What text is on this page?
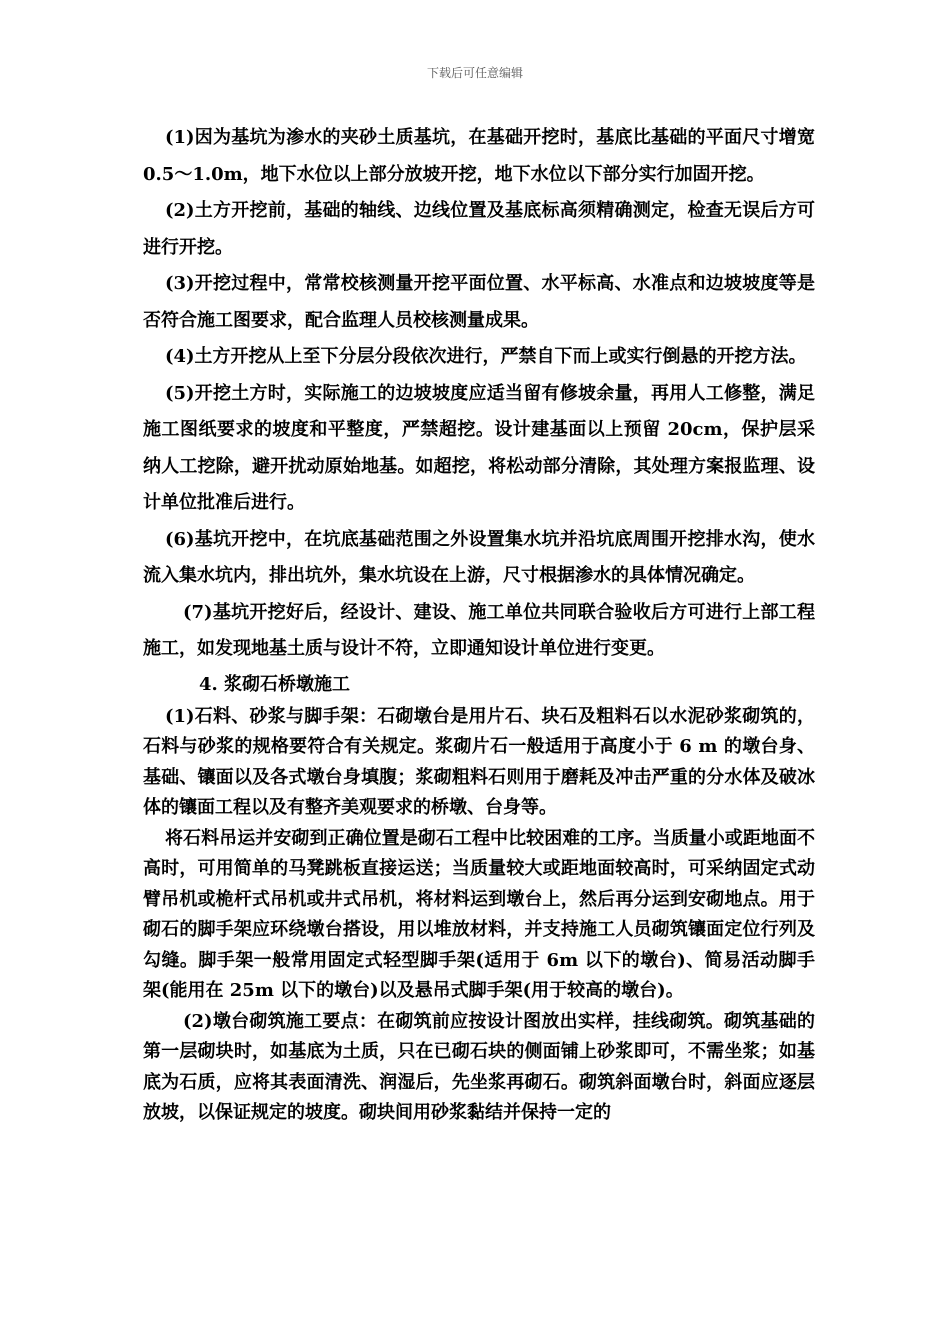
下载后可任意编辑

(1)因为基坑为渗水的夹砂土质基坑，在基础开挖时，基底比基础的平面尺寸增宽 0.5～1.0m，地下水位以上部分放坡开挖，地下水位以下部分实行加固开挖。

(2)土方开挖前，基础的轴线、边线位置及基底标高须精确测定，检查无误后方可进行开挖。

(3)开挖过程中，常常校核测量开挖平面位置、水平标高、水准点和边坡坡度等是否符合施工图要求，配合监理人员校核测量成果。

(4)土方开挖从上至下分层分段依次进行，严禁自下而上或实行倒悬的开挖方法。

(5)开挖土方时，实际施工的边坡坡度应适当留有修坡余量，再用人工修整，满足施工图纸要求的坡度和平整度，严禁超挖。设计建基面以上预留 20cm，保护层采纳人工挖除，避开扰动原始地基。如超挖，将松动部分清除，其处理方案报监理、设计单位批准后进行。

(6)基坑开挖中，在坑底基础范围之外设置集水坑并沿坑底周围开挖排水沟，使水流入集水坑内，排出坑外，集水坑设在上游，尺寸根据渗水的具体情况确定。

(7)基坑开挖好后，经设计、建设、施工单位共同联合验收后方可进行上部工程施工，如发现地基土质与设计不符，立即通知设计单位进行变更。

4. 浆砌石桥墩施工

(1)石料、砂浆与脚手架：石砌墩台是用片石、块石及粗料石以水泥砂浆砌筑的，石料与砂浆的规格要符合有关规定。浆砌片石一般适用于高度小于 6 m 的墩台身、基础、镶面以及各式墩台身填腹；浆砌粗料石则用于磨耗及冲击严重的分水体及破冰体的镶面工程以及有整齐美观要求的桥墩、台身等。

将石料吊运并安砌到正确位置是砌石工程中比较困难的工序。当质量小或距地面不高时，可用简单的马凳跳板直接运送；当质量较大或距地面较高时，可采纳固定式动臂吊机或桅杆式吊机或井式吊机，将材料运到墩台上，然后再分运到安砌地点。用于砌石的脚手架应环绕墩台搭设，用以堆放材料，并支持施工人员砌筑镶面定位行列及勾缝。脚手架一般常用固定式轻型脚手架(适用于 6m 以下的墩台)、简易活动脚手架(能用在 25m 以下的墩台)以及悬吊式脚手架(用于较高的墩台)。

(2)墩台砌筑施工要点：在砌筑前应按设计图放出实样，挂线砌筑。砌筑基础的第一层砌块时，如基底为土质，只在已砌石块的侧面铺上砂浆即可，不需坐浆；如基底为石质，应将其表面清洗、润湿后，先坐浆再砌石。砌筑斜面墩台时，斜面应逐层放坡，以保证规定的坡度。砌块间用砂浆黏结并保持一定的
